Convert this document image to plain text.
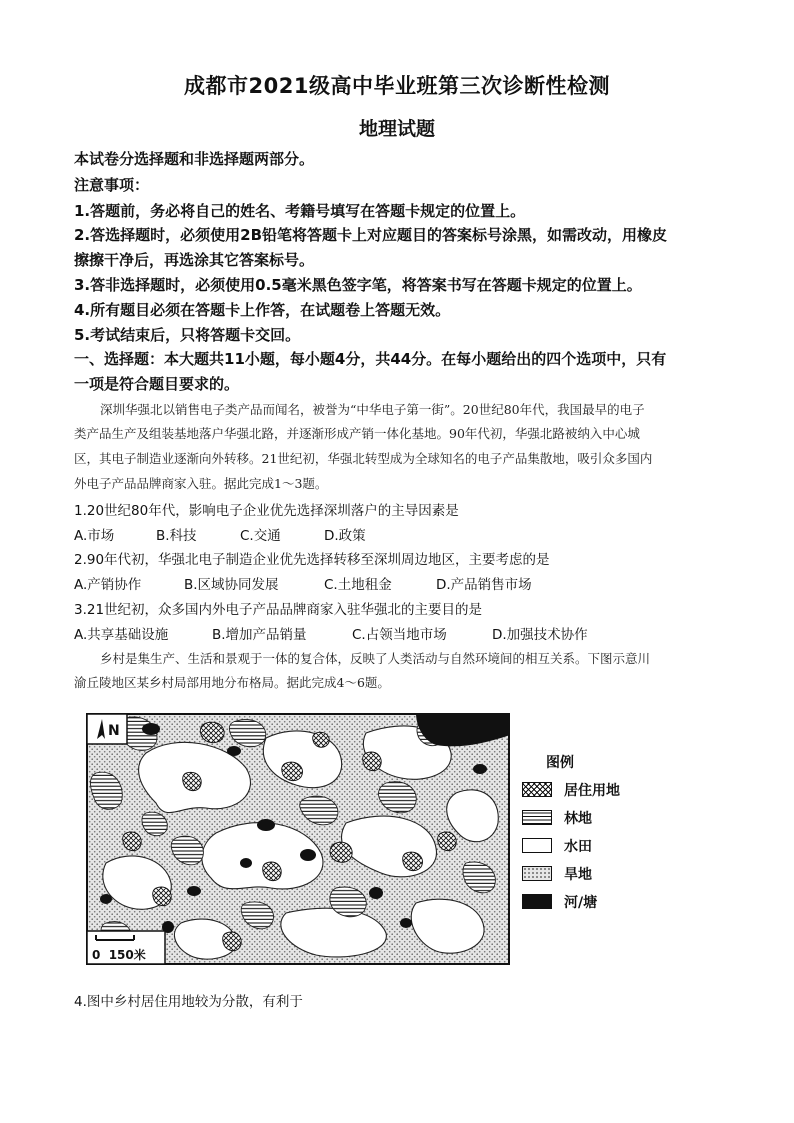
成都市2021级高中毕业班第三次诊断性检测
地理试题
本试卷分选择题和非选择题两部分。
注意事项：
1.答题前，务必将自己的姓名、考籍号填写在答题卡规定的位置上。
2.答选择题时，必须使用2B铅笔将答题卡上对应题目的答案标号涂黑，如需改动，用橡皮
擦擦干净后，再选涂其它答案标号。
3.答非选择题时，必须使用0.5毫米黑色签字笔，将答案书写在答题卡规定的位置上。
4.所有题目必须在答题卡上作答，在试题卷上答题无效。
5.考试结束后，只将答题卡交回。
一、选择题：本大题共11小题，每小题4分，共44分。在每小题给出的四个选项中，只有
一项是符合题目要求的。
深圳华强北以销售电子类产品而闻名，被誉为“中华电子第一街”。20世纪80年代，我国最早的电子
类产品生产及组装基地落户华强北路，并逐渐形成产销一体化基地。90年代初，华强北路被纳入中心城
区，其电子制造业逐渐向外转移。21世纪初，华强北转型成为全球知名的电子产品集散地，吸引众多国内
外电子产品品牌商家入驻。据此完成1～3题。
1.20世纪80年代，影响电子企业优先选择深圳落户的主导因素是
A.市场	B.科技	C.交通	D.政策
2.90年代初，华强北电子制造企业优先选择转移至深圳周边地区，主要考虑的是
A.产销协作	B.区域协同发展	C.土地租金	D.产品销售市场
3.21世纪初，众多国内外电子产品品牌商家入驻华强北的主要目的是
A.共享基础设施	B.增加产品销量	C.占领当地市场	D.加强技术协作
乡村是集生产、生活和景观于一体的复合体，反映了人类活动与自然环境间的相互关系。下图示意川
渝丘陵地区某乡村局部用地分布格局。据此完成4～6题。
N
0  150米
图例
居住用地
林地
水田
旱地
河/塘
4.图中乡村居住用地较为分散，有利于
